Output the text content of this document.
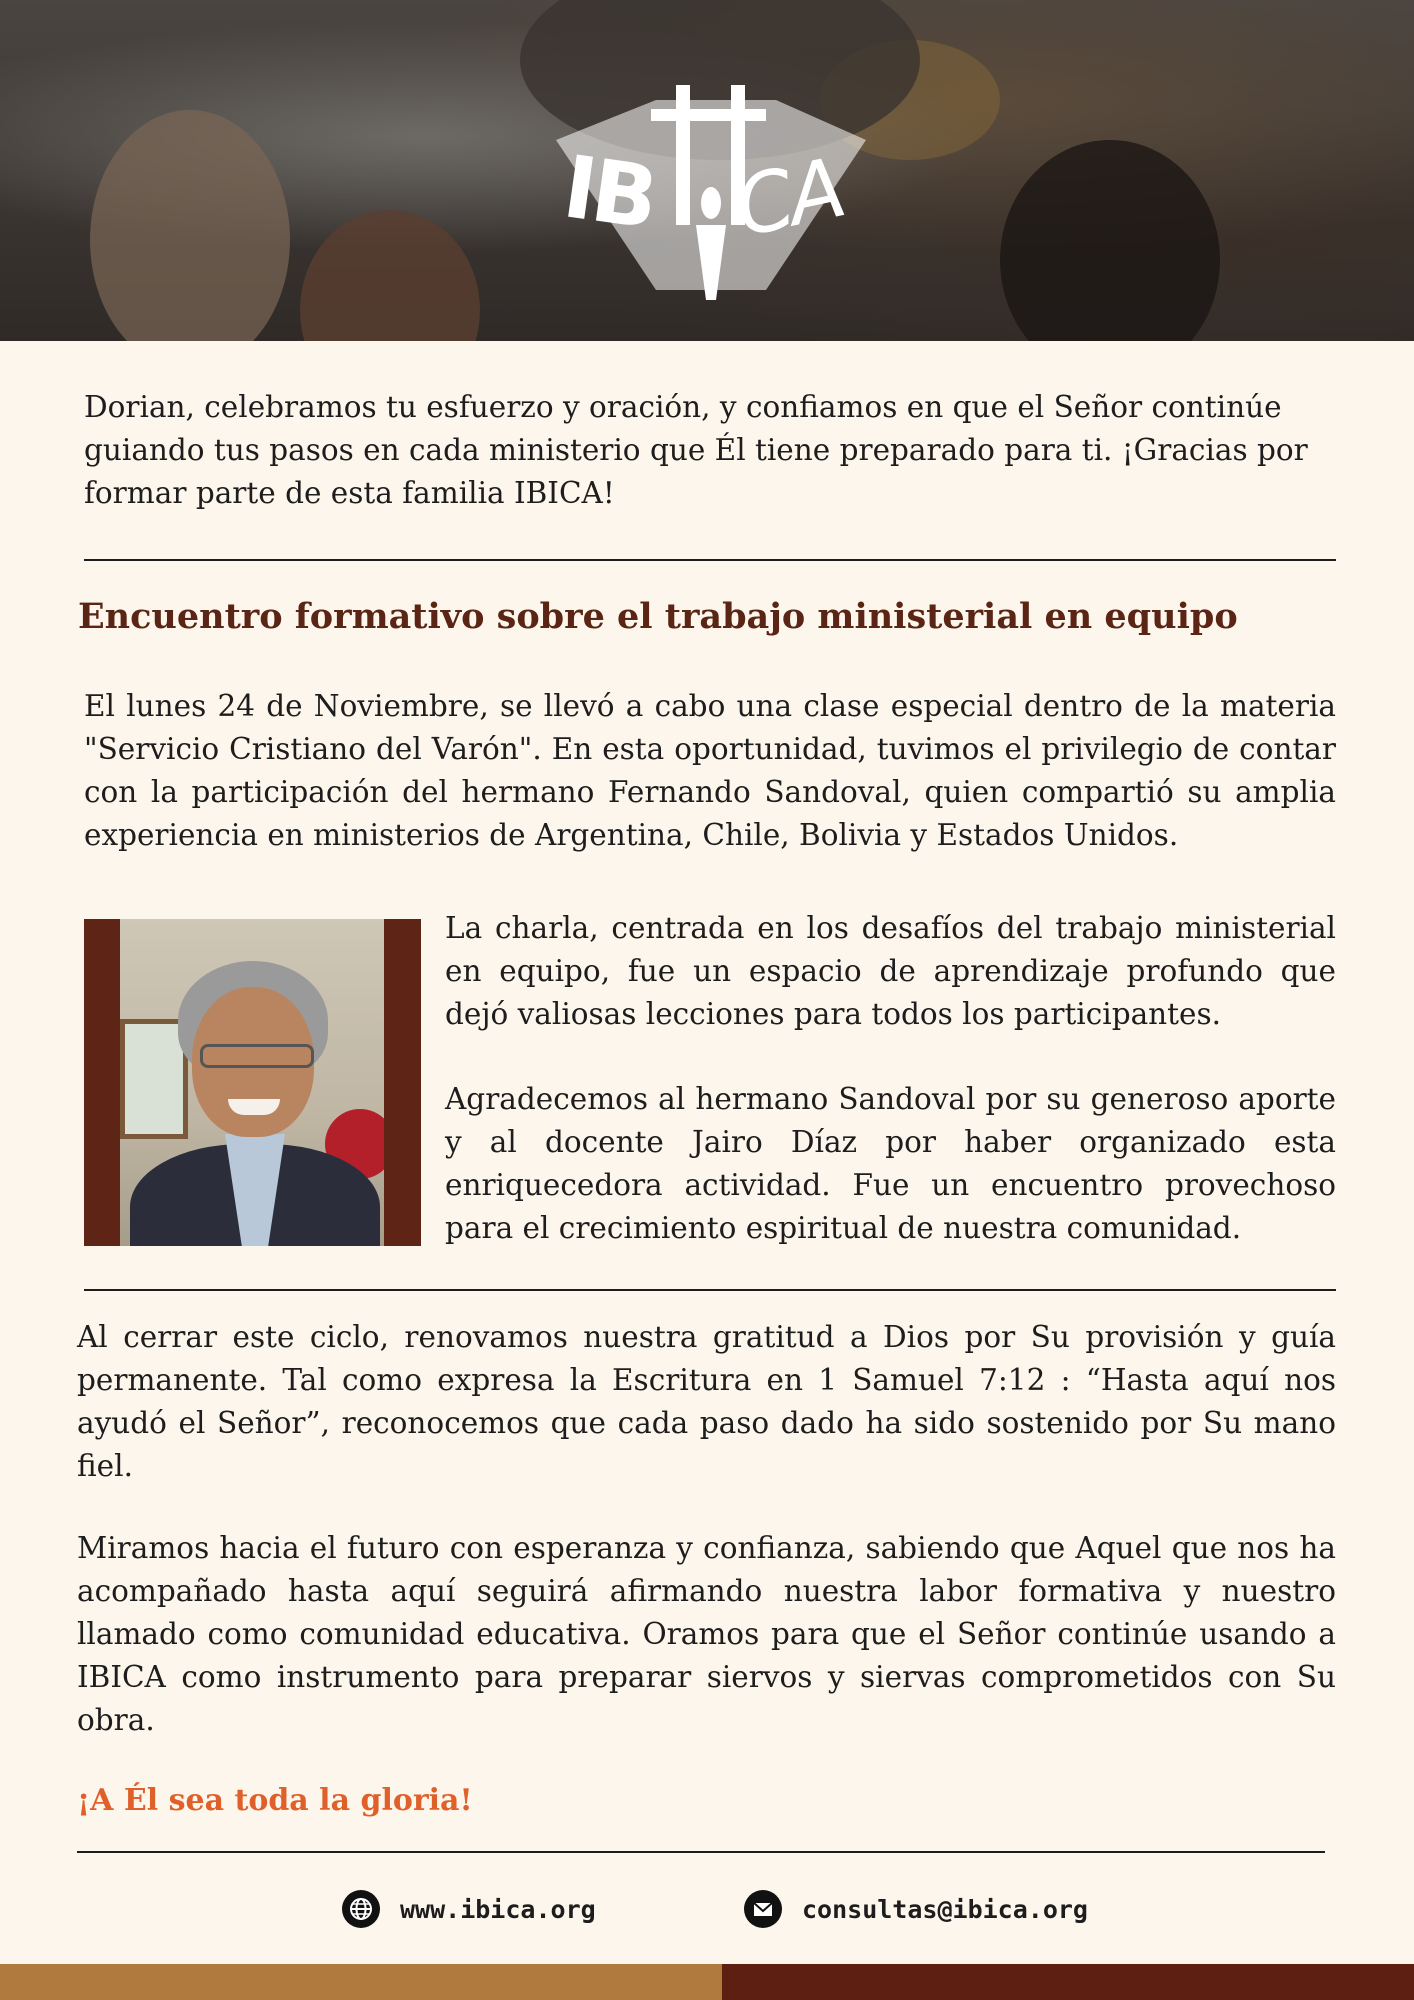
IB CA
Dorian, celebramos tu esfuerzo y oración, y confiamos en que el Señor continúe guiando tus pasos en cada ministerio que Él tiene preparado para ti. ¡Gracias por formar parte de esta familia IBICA!
Encuentro formativo sobre el trabajo ministerial en equipo
El lunes 24 de Noviembre, se llevó a cabo una clase especial dentro de la materia "Servicio Cristiano del Varón". En esta oportunidad, tuvimos el privilegio de contar con la participación del hermano Fernando Sandoval, quien compartió su amplia experiencia en ministerios de Argentina, Chile, Bolivia y Estados Unidos.
La charla, centrada en los desafíos del trabajo ministerial en equipo, fue un espacio de aprendizaje profundo que dejó valiosas lecciones para todos los participantes.
Agradecemos al hermano Sandoval por su generoso aporte y al docente Jairo Díaz por haber organizado esta enriquecedora actividad. Fue un encuentro provechoso para el crecimiento espiritual de nuestra comunidad.
Al cerrar este ciclo, renovamos nuestra gratitud a Dios por Su provisión y guía permanente. Tal como expresa la Escritura en 1 Samuel 7:12 : “Hasta aquí nos ayudó el Señor”, reconocemos que cada paso dado ha sido sostenido por Su mano fiel.
Miramos hacia el futuro con esperanza y confianza, sabiendo que Aquel que nos ha acompañado hasta aquí seguirá afirmando nuestra labor formativa y nuestro llamado como comunidad educativa. Oramos para que el Señor continúe usando a IBICA como instrumento para preparar siervos y siervas comprometidos con Su obra.
¡A Él sea toda la gloria!
www.ibica.org	consultas@ibica.org
